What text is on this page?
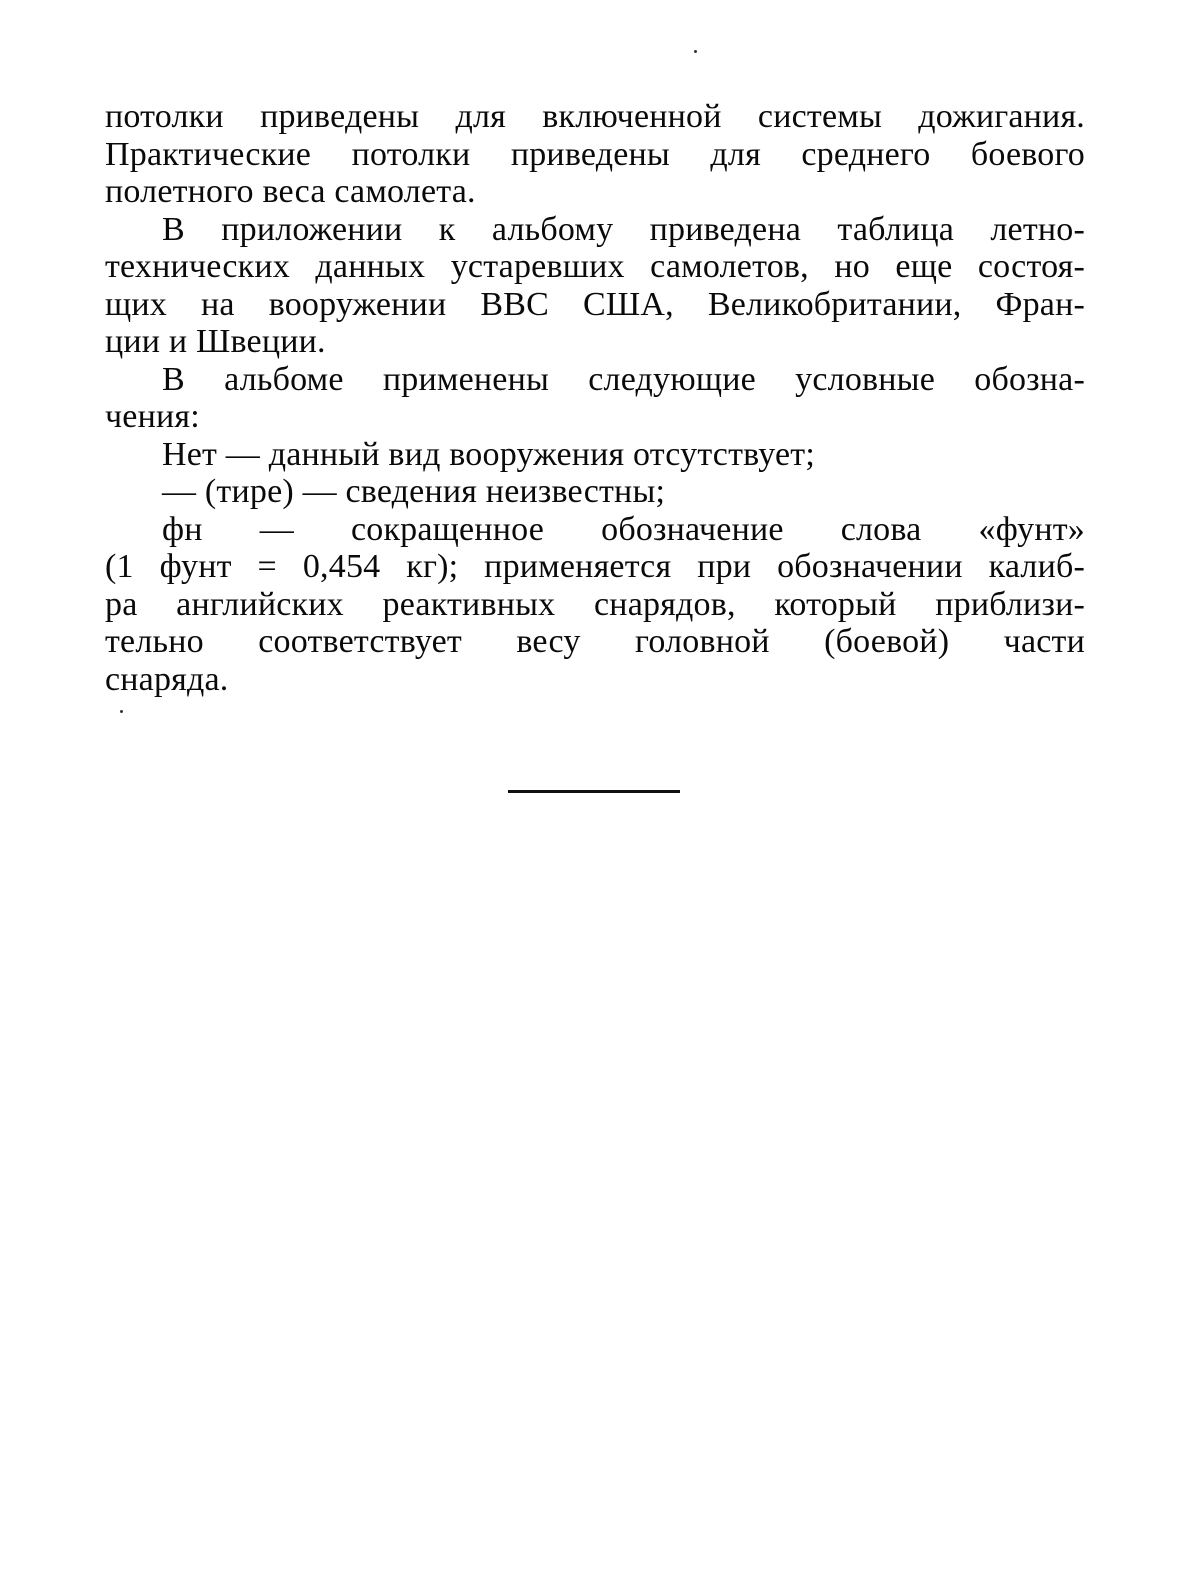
потолки приведены для включенной системы дожигания.
Практические потолки приведены для среднего боевого
полетного веса самолета.
В приложении к альбому приведена таблица летно-
технических данных устаревших самолетов, но еще состоя-
щих на вооружении ВВС США, Великобритании, Фран-
ции и Швеции.
В альбоме применены следующие условные обозна-
чения:
Нет — данный вид вооружения отсутствует;
— (тире) — сведения неизвестны;
фн — сокращенное обозначение слова «фунт»
(1 фунт = 0,454 кг); применяется при обозначении калиб-
ра английских реактивных снарядов, который приблизи-
тельно соответствует весу головной (боевой) части
снаряда.
